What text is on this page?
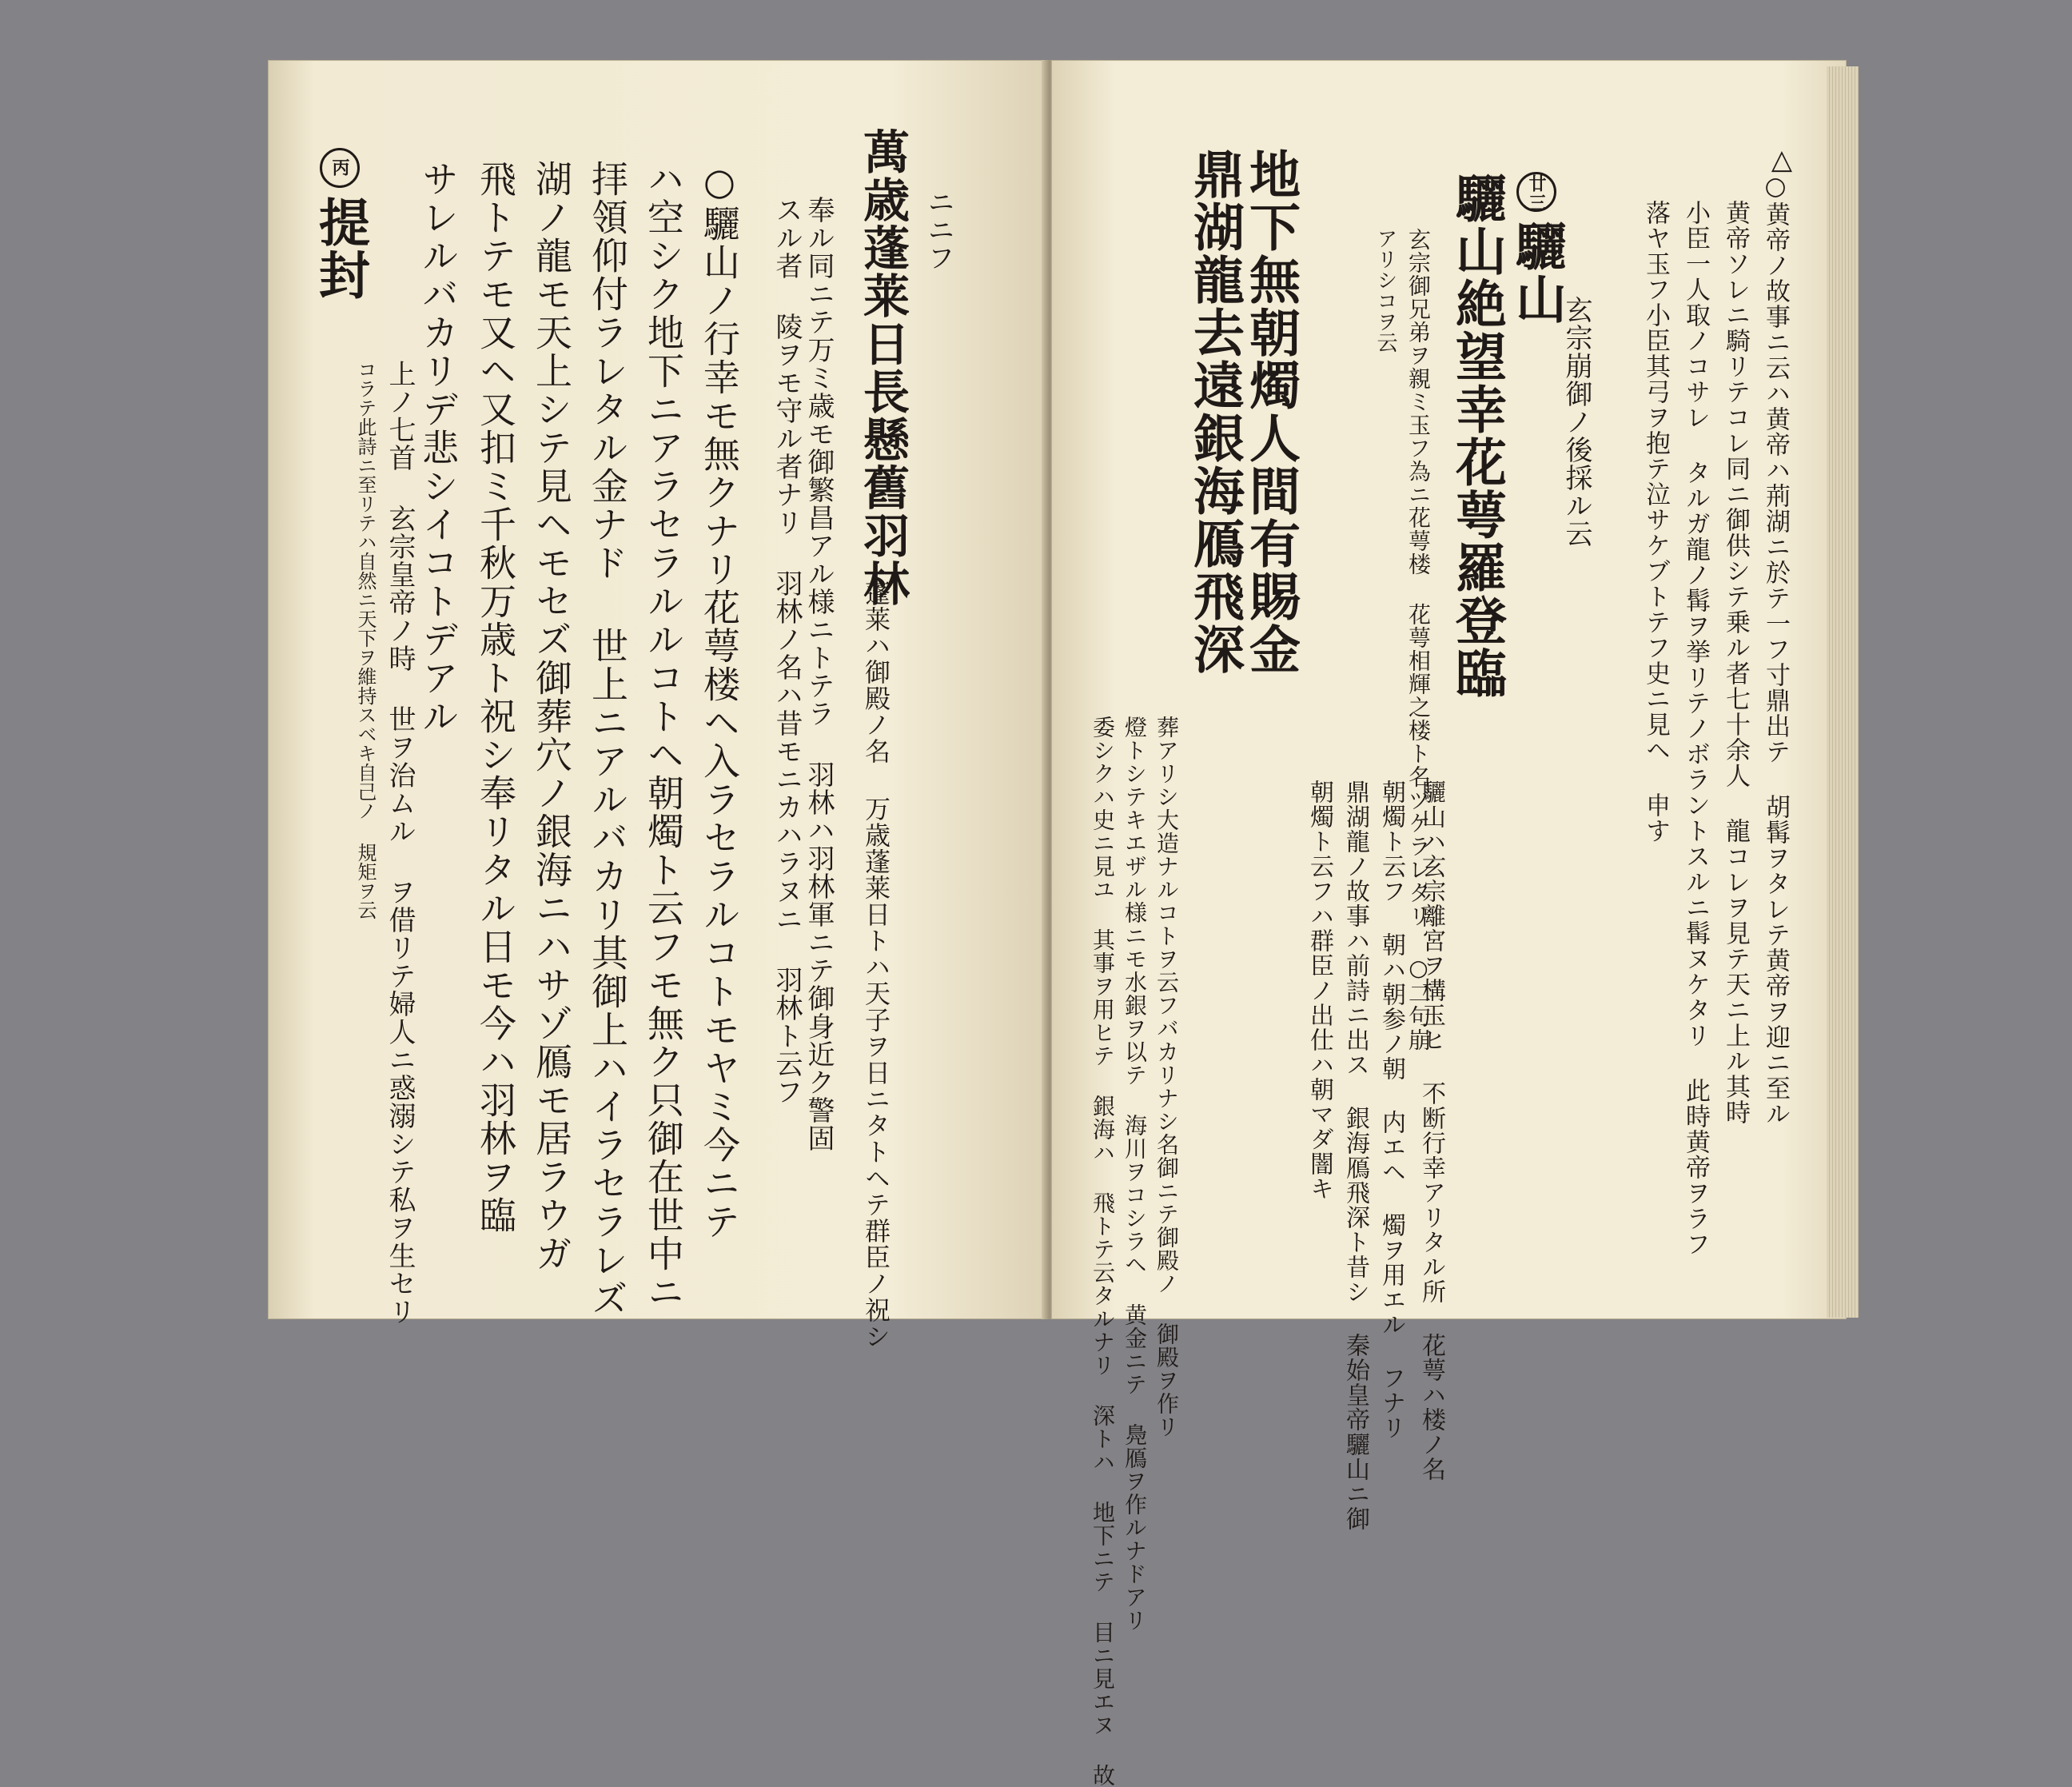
コラテ此詩ニ至リテハ自然ニ天下ヲ維持スベキ自己ノ 規矩ヲ云 上ノ七首 玄宗皇帝ノ時 世ヲ治ムル ヲ借リテ婦人ニ惑溺シテ私ヲ生セリ
丙提封 サレルバカリデ悲シイコトデアル 飛トテモ又ヘ又扣ミ千秋万歳ト祝シ奉リタル日モ今ハ羽林ヲ臨 湖ノ龍モ天上シテ見ヘモセズ御葬穴ノ銀海ニハサゾ鴈モ居ラウガ 拝領仰付ラレタル金ナド 世上ニアルバカリ其御上ハイラセラレズ ハ空シク地下ニアラセラルルコトヘ朝燭ト云フモ無ク只御在世中ニ ○驪山ノ行幸モ無クナリ花萼楼ヘ入ラセラルコトモヤミ今ニテ スル者 陵ヲモ守ル者ナリ 羽林ノ名ハ昔モニカハラヌニ 羽林ト云フ 奉ル同ニテ万ミ歳モ御繁昌アル様ニトテラ 羽林ハ羽林軍ニテ御身近ク警固	ニニフ
萬歳蓬莱日長懸舊羽林
蓬莱ハ御殿ノ名 万歳蓬莱日トハ天子ヲ日ニタトヘテ群臣ノ祝シ	委シクハ史ニ見ユ 其事ヲ用ヒテ 銀海ハ 飛トテ云タルナリ 深トハ 地下ニテ 目ニ見エヌ 故 燈トシテキエザル様ニモ水銀ヲ以テ 海川ヲコシラヘ 黄金ニテ 鳧鴈ヲ作ルナドアリ 葬アリシ大造ナルコトヲ云フバカリナシ名御ニテ御殿ノ 御殿ヲ作リ
鼎湖龍去遠銀海鴈飛深
地下無朝燭人間有賜金
朝燭ト云フハ群臣ノ出仕ハ朝マダ闇キ 鼎湖龍ノ故事ハ前詩ニ出ス 銀海鴈飛深ト昔シ 秦始皇帝驪山ニ御 朝燭ト云フ 朝ハ朝参ノ朝 内エヘ 燭ヲ用エル フナリ 驪山ハ玄宗離宮ヲ構玉ヒ 不断行幸アリタル所 花萼ハ楼ノ名
アリシコヲ云 玄宗御兄弟ヲ親ミ玉フ為ニ花萼楼 花萼相輝之楼ト名ヅケラレタリ ○二句崩 驪山絶望幸花萼羅登臨	廿三驪山
玄宗崩御ノ後採ル云 落ヤ玉フ小臣其弓ヲ抱テ泣サケブトテフ史ニ見ヘ 申す 小臣一人取ノコサレ タルガ龍ノ髯ヲ挙リテノボラントスルニ髯ヌケタリ 此時黄帝ヲラフ 黄帝ソレニ騎リテコレ同ニ御供シテ乗ル者七十余人 龍コレヲ見テ天ニ上ル其時 ○黄帝ノ故事ニ云ハ黄帝ハ荊湖ニ於テ一フ寸鼎出テ 胡髯ヲタレテ黄帝ヲ迎ニ至ル
△
